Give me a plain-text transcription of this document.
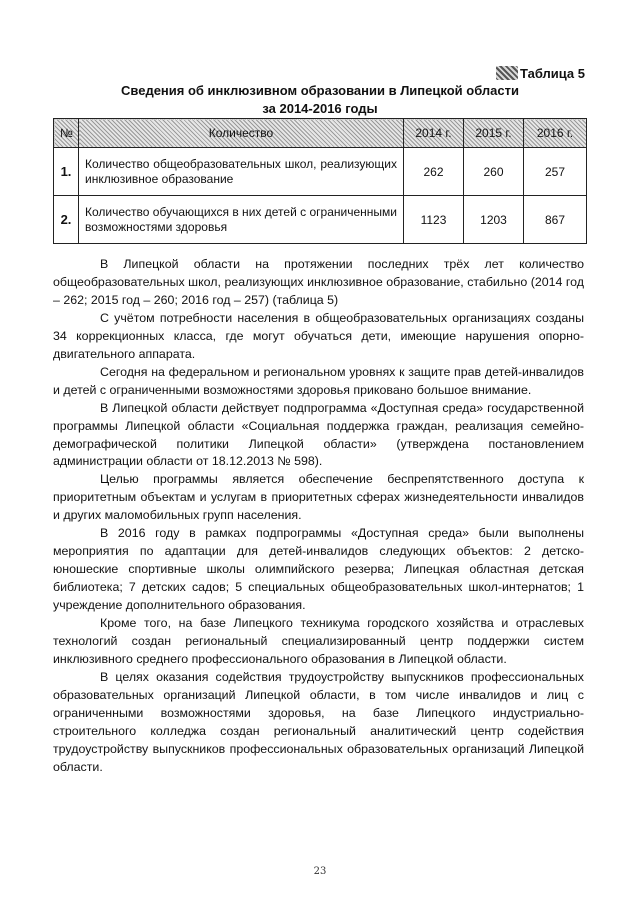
Таблица 5
Сведения об инклюзивном образовании в Липецкой области
за 2014-2016 годы
№	Количество	2014 г.	2015 г.	2016 г.
1.	Количество общеобразовательных школ, реализующих инклюзивное образование	262	260	257
2.	Количество обучающихся в них детей с ограниченными возможностями здоровья	1123	1203	867

В Липецкой области на протяжении последних трёх лет количество общеобразовательных школ, реализующих инклюзивное образование, стабильно (2014 год – 262; 2015 год – 260; 2016 год – 257) (таблица 5)

С учётом потребности населения в общеобразовательных организациях созданы 34 коррекционных класса, где могут обучаться дети, имеющие нарушения опорно-двигательного аппарата.

Сегодня на федеральном и региональном уровнях к защите прав детей-инвалидов и детей с ограниченными возможностями здоровья приковано большое внимание.

В Липецкой области действует подпрограмма «Доступная среда» государственной программы Липецкой области «Социальная поддержка граждан, реализация семейно-демографической политики Липецкой области» (утверждена постановлением администрации области от 18.12.2013 № 598).

Целью программы является обеспечение беспрепятственного доступа к приоритетным объектам и услугам в приоритетных сферах жизнедеятельности инвалидов и других маломобильных групп населения.

В 2016 году в рамках подпрограммы «Доступная среда» были выполнены мероприятия по адаптации для детей-инвалидов следующих объектов: 2 детско-юношеские спортивные школы олимпийского резерва; Липецкая областная детская библиотека; 7 детских садов; 5 специальных общеобразовательных школ-интернатов; 1 учреждение дополнительного образования.

Кроме того, на базе Липецкого техникума городского хозяйства и отраслевых технологий создан региональный специализированный центр поддержки систем инклюзивного среднего профессионального образования в Липецкой области.

В целях оказания содействия трудоустройству выпускников профессиональных образовательных организаций Липецкой области, в том числе инвалидов и лиц с ограниченными возможностями здоровья, на базе Липецкого индустриально-строительного колледжа создан региональный аналитический центр содействия трудоустройству выпускников профессиональных образовательных организаций Липецкой области.

23
